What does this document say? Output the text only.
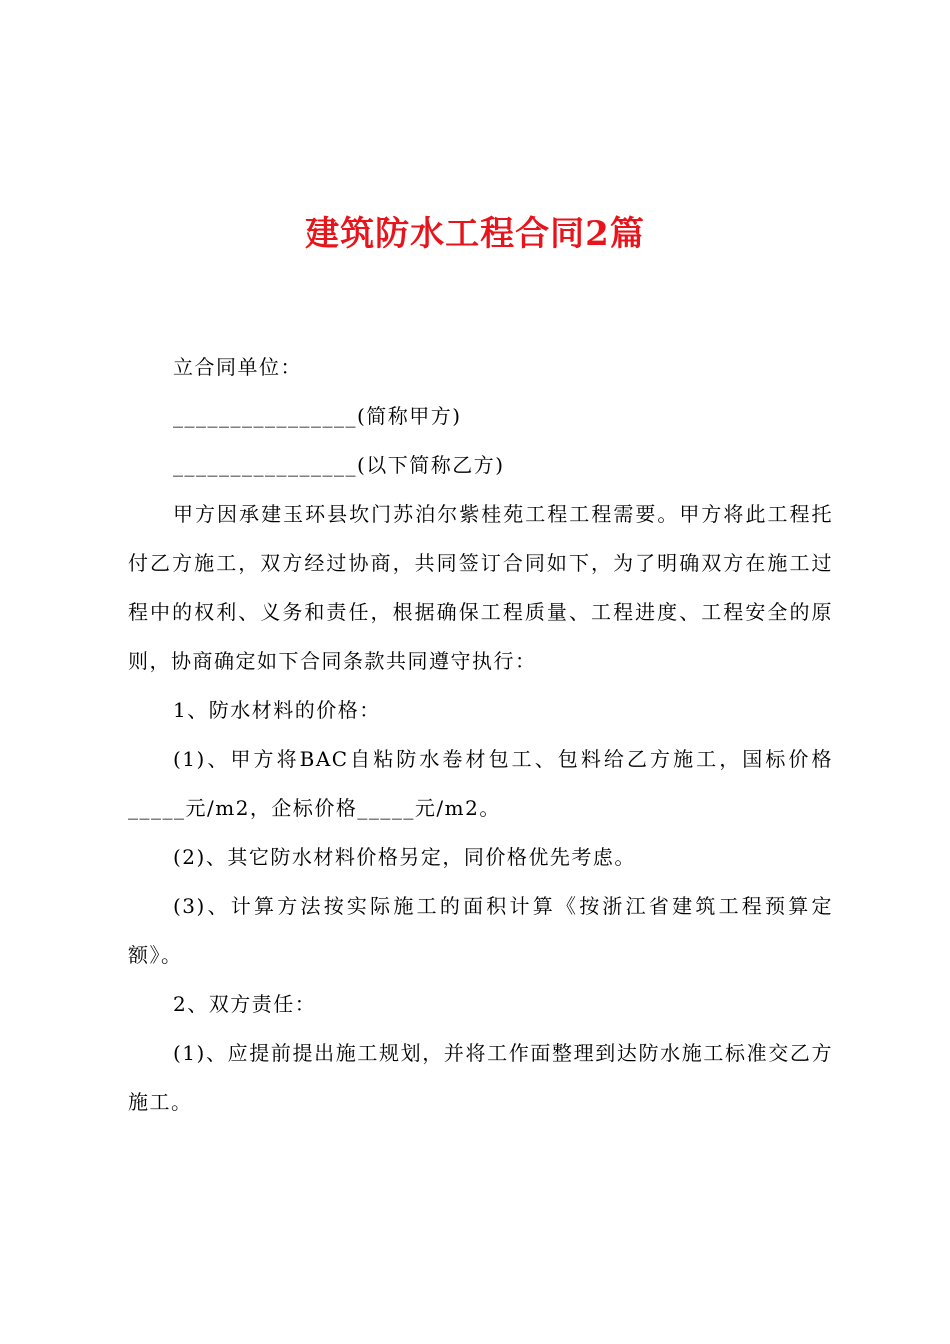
建筑防水工程合同2篇

立合同单位：

________________(简称甲方)

________________(以下简称乙方)

甲方因承建玉环县坎门苏泊尔紫桂苑工程工程需要。甲方将此工程托付乙方施工，双方经过协商，共同签订合同如下，为了明确双方在施工过程中的权利、义务和责任，根据确保工程质量、工程进度、工程安全的原则，协商确定如下合同条款共同遵守执行：

1、防水材料的价格：

(1)、甲方将BAC自粘防水卷材包工、包料给乙方施工，国标价格_____元/m2，企标价格_____元/m2。

(2)、其它防水材料价格另定，同价格优先考虑。

(3)、计算方法按实际施工的面积计算《按浙江省建筑工程预算定额》。

2、双方责任：

(1)、应提前提出施工规划，并将工作面整理到达防水施工标准交乙方施工。
